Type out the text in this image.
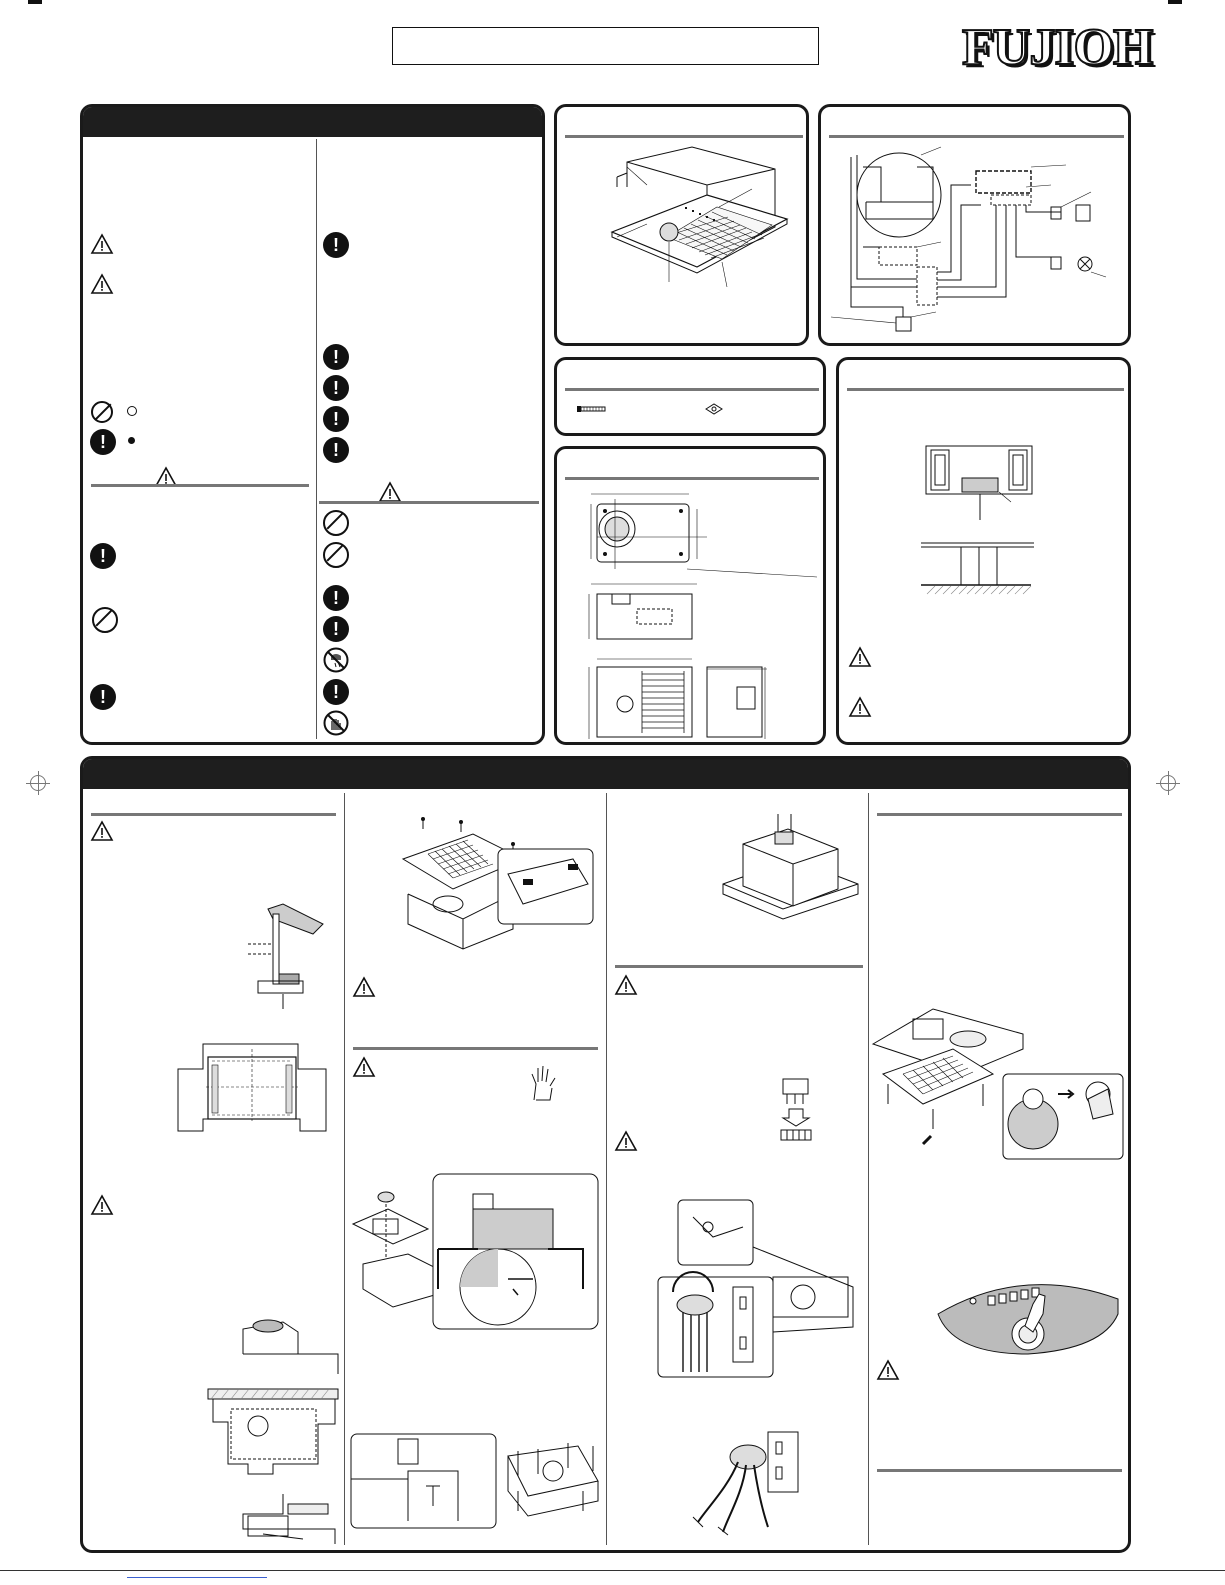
FUJIOH
!
!
!
!
!
!
!
!
!
!
!
